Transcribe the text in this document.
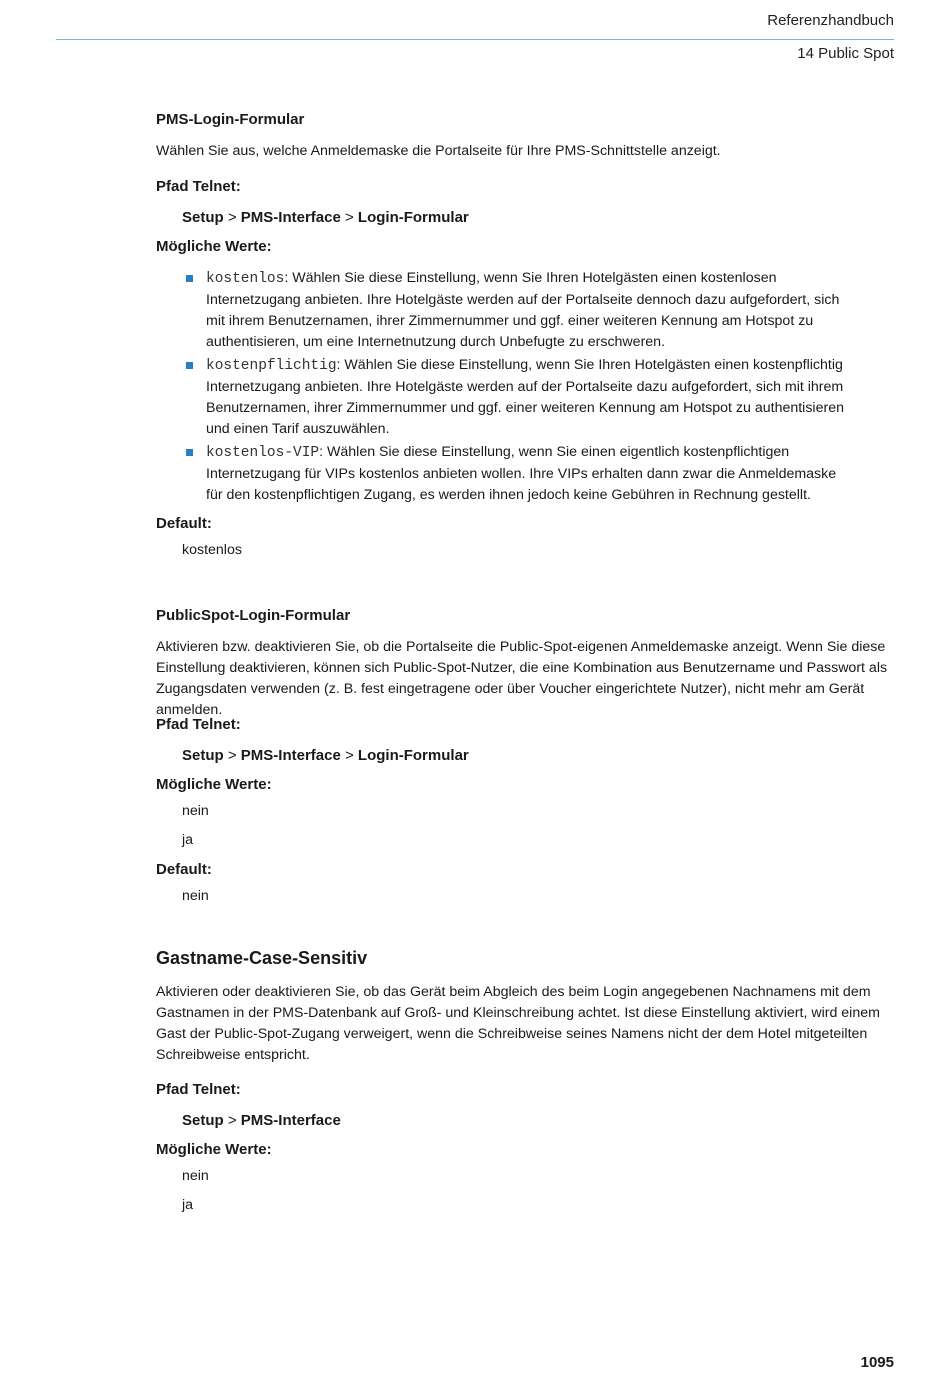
Referenzhandbuch
14 Public Spot
PMS-Login-Formular
Wählen Sie aus, welche Anmeldemaske die Portalseite für Ihre PMS-Schnittstelle anzeigt.
Pfad Telnet:
Setup > PMS-Interface > Login-Formular
Mögliche Werte:
kostenlos: Wählen Sie diese Einstellung, wenn Sie Ihren Hotelgästen einen kostenlosen Internetzugang anbieten. Ihre Hotelgäste werden auf der Portalseite dennoch dazu aufgefordert, sich mit ihrem Benutzernamen, ihrer Zimmernummer und ggf. einer weiteren Kennung am Hotspot zu authentisieren, um eine Internetnutzung durch Unbefugte zu erschweren.
kostenpflichtig: Wählen Sie diese Einstellung, wenn Sie Ihren Hotelgästen einen kostenpflichtig Internetzugang anbieten. Ihre Hotelgäste werden auf der Portalseite dazu aufgefordert, sich mit ihrem Benutzernamen, ihrer Zimmernummer und ggf. einer weiteren Kennung am Hotspot zu authentisieren und einen Tarif auszuwählen.
kostenlos-VIP: Wählen Sie diese Einstellung, wenn Sie einen eigentlich kostenpflichtigen Internetzugang für VIPs kostenlos anbieten wollen. Ihre VIPs erhalten dann zwar die Anmeldemaske für den kostenpflichtigen Zugang, es werden ihnen jedoch keine Gebühren in Rechnung gestellt.
Default:
kostenlos
PublicSpot-Login-Formular
Aktivieren bzw. deaktivieren Sie, ob die Portalseite die Public-Spot-eigenen Anmeldemaske anzeigt. Wenn Sie diese Einstellung deaktivieren, können sich Public-Spot-Nutzer, die eine Kombination aus Benutzername und Passwort als Zugangsdaten verwenden (z. B. fest eingetragene oder über Voucher eingerichtete Nutzer), nicht mehr am Gerät anmelden.
Pfad Telnet:
Setup > PMS-Interface > Login-Formular
Mögliche Werte:
nein
ja
Default:
nein
Gastname-Case-Sensitiv
Aktivieren oder deaktivieren Sie, ob das Gerät beim Abgleich des beim Login angegebenen Nachnamens mit dem Gastnamen in der PMS-Datenbank auf Groß- und Kleinschreibung achtet. Ist diese Einstellung aktiviert, wird einem Gast der Public-Spot-Zugang verweigert, wenn die Schreibweise seines Namens nicht der dem Hotel mitgeteilten Schreibweise entspricht.
Pfad Telnet:
Setup > PMS-Interface
Mögliche Werte:
nein
ja
1095
